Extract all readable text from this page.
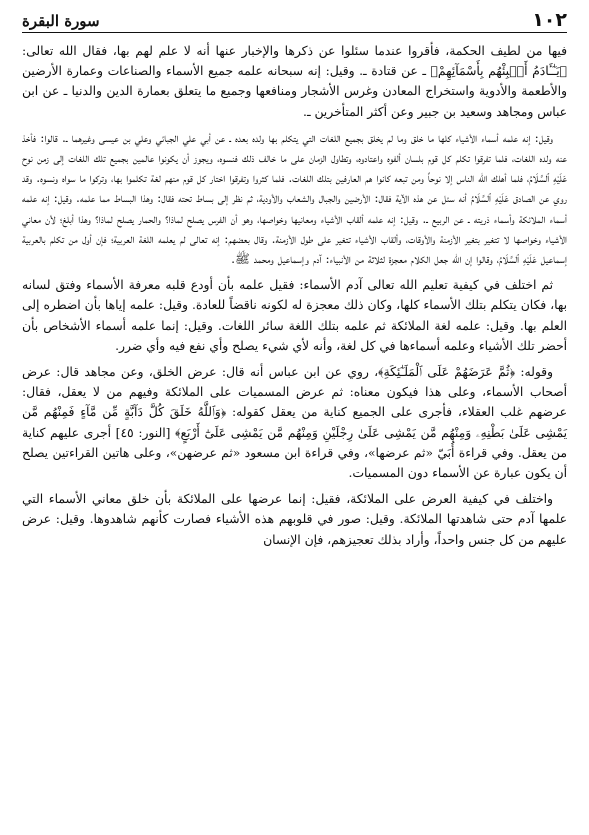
١٠٢
سورة البقرة

فيها من لطيف الحكمة، فأقروا عندما سئلوا عن ذكرها والإخبار عنها أنه لا علم لهم بها، فقال الله تعالى: ﴿يَـٰٓـَٔادَمُ أَنۢبِئْهُم بِأَسْمَآئِهِمْ﴾ ـ عن قتادة ـ. وقيل: إنه سبحانه علمه جميع الأسماء والصناعات وعمارة الأرضين والأطعمة والأدوية واستخراج المعادن وغرس الأشجار ومنافعها وجميع ما يتعلق بعمارة الدين والدنيا ـ عن ابن عباس ومجاهد وسعيد بن جبير وعن أكثر المتأخرين ـ.

وقيل: إنه علمه أسماء الأشياء كلها ما خلق وما لم يخلق بجميع اللغات التي يتكلم بها ولده بعده ـ عن أبي علي الجبائي وعلي بن عيسى وغيرهما ـ. قالوا: فأخذ عنه ولده اللغات، فلما تفرقوا تكلم كل قوم بلسان ألفوه واعتادوه، وتطاول الزمان على ما خالف ذلك فنسوه، ويجوز أن يكونوا عالمين بجميع تلك اللغات إلى زمن نوح عَلَيْهِ ٱلسَّلَامُ، فلما أهلك الله الناس إلا نوحاً ومن تبعه كانوا هم العارفين بتلك اللغات. فلما كثروا وتفرقوا اختار كل قوم منهم لغة تكلموا بها، وتركوا ما سواه ونسوه. وقد روي عن الصادق عَلَيْهِ ٱلسَّلَامُ أنه سئل عن هذه الآية فقال: الأرضين والجبال والشعاب والأودية، ثم نظر إلى بساط تحته فقال: وهذا البساط مما علمه. وقيل: إنه علمه أسماء الملائكة وأسماء ذريته ـ عن الربيع ـ. وقيل: إنه علمه ألقاب الأشياء ومعانيها وخواصها، وهو أن الفرس يصلح لماذا؟ والحمار يصلح لماذا؟ وهذا أبلغ؛ لأن معاني الأشياء وخواصها لا تتغير بتغير الأزمنة والأوقات، وألقاب الأشياء تتغير على طول الأزمنة. وقال بعضهم: إنه تعالى لم يعلمه اللغة العربية؛ فإن أول من تكلم بالعربية إسماعيل عَلَيْهِ ٱلسَّلَامُ، وقالوا إن الله جعل الكلام معجزة لثلاثة من الأنبياء: آدم وإسماعيل ومحمد ﷺ.

ثم اختلف في كيفية تعليم الله تعالى آدم الأسماء: فقيل علمه بأن أودع قلبه معرفة الأسماء وفتق لسانه بها، فكان يتكلم بتلك الأسماء كلها، وكان ذلك معجزة له لكونه ناقضاً للعادة. وقيل: علمه إياها بأن اضطره إلى العلم بها. وقيل: علمه لغة الملائكة ثم علمه بتلك اللغة سائر اللغات. وقيل: إنما علمه أسماء الأشخاص بأن أحضر تلك الأشياء وعلمه أسماءها في كل لغة، وأنه لأي شيء يصلح وأي نفع فيه وأي ضرر.

وقوله: ﴿ثُمَّ عَرَضَهُمْ عَلَى ٱلْمَلَـٰٓئِكَةِ﴾، روي عن ابن عباس أنه قال: عرض الخلق، وعن مجاهد قال: عرض أصحاب الأسماء، وعلى هذا فيكون معناه: ثم عرض المسميات على الملائكة وفيهم من لا يعقل، فقال: عرضهم غلب العقلاء، فأجرى على الجميع كناية من يعقل كقوله: ﴿وَٱللَّهُ خَلَقَ كُلَّ دَآبَّةٍ مِّن مَّآءٍ فَمِنْهُم مَّن يَمْشِى عَلَىٰ بَطْنِهِۦ وَمِنْهُم مَّن يَمْشِى عَلَىٰ رِجْلَيْنِ وَمِنْهُم مَّن يَمْشِى عَلَىٰٓ أَرْبَعٍ﴾ [النور: ٤٥] أجرى عليهم كناية من يعقل. وفي قراءة أُبَيّ «ثم عرضها»، وفي قراءة ابن مسعود «ثم عرضهن»، وعلى هاتين القراءتين يصلح أن يكون عبارة عن الأسماء دون المسميات.

واختلف في كيفية العرض على الملائكة، فقيل: إنما عرضها على الملائكة بأن خلق معاني الأسماء التي علمها آدم حتى شاهدتها الملائكة. وقيل: صور في قلوبهم هذه الأشياء فصارت كأنهم شاهدوها. وقيل: عرض عليهم من كل جنس واحداً، وأراد بذلك تعجيزهم، فإن الإنسان
